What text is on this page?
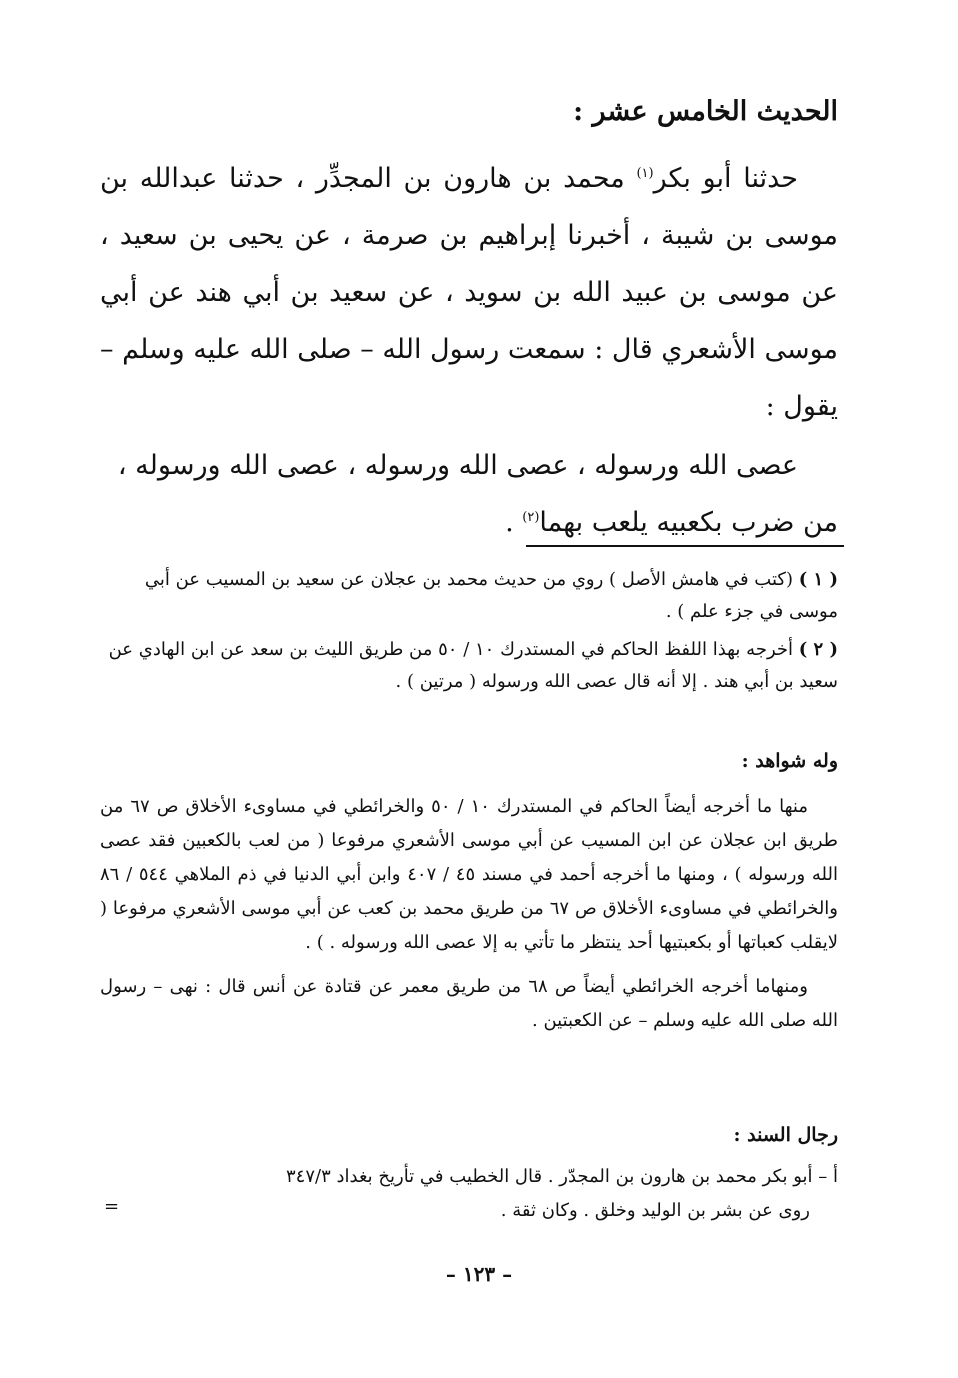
الحديث الخامس عشر :

حدثنا أبو بكر$^{(١)}$ محمد بن هارون بن المجدِّر ، حدثنا عبدالله بن موسى بن شيبة ، أخبرنا إبراهيم بن صرمة ، عن يحيى بن سعيد ، عن موسى بن عبيد الله بن سويد ، عن سعيد بن أبي هند عن أبي موسى الأشعري قال : سمعت رسول الله – صلى الله عليه وسلم – يقول :

عصى الله ورسوله ، عصى الله ورسوله ، عصى الله ورسوله ، من ضرب بكعبيه يلعب بهما$^{(٢)}$ .

( ١ ) (كتب في هامش الأصل ) روي من حديث محمد بن عجلان عن سعيد بن المسيب عن أبي موسى في جزء علم ) .

( ٢ ) أخرجه بهذا اللفظ الحاكم في المستدرك ١٠ / ٥٠ من طريق الليث بن سعد عن ابن الهادي عن سعيد بن أبي هند . إلا أنه قال عصى الله ورسوله ( مرتين ) .

وله شواهد :

منها ما أخرجه أيضاً الحاكم في المستدرك ١٠ / ٥٠ والخرائطي في مساوىء الأخلاق ص ٦٧ من طريق ابن عجلان عن ابن المسيب عن أبي موسى الأشعري مرفوعا ( من لعب بالكعبين فقد عصى الله ورسوله ) ، ومنها ما أخرجه أحمد في مسند ٤٥ / ٤٠٧ وابن أبي الدنيا في ذم الملاهي ٥٤٤ / ٨٦ والخرائطي في مساوىء الأخلاق ص ٦٧ من طريق محمد بن كعب عن أبي موسى الأشعري مرفوعا ( لايقلب كعباتها أو بكعبتيها أحد ينتظر ما تأتي به إلا عصى الله ورسوله . ) .

ومنهاما أخرجه الخرائطي أيضاً ص ٦٨ من طريق معمر عن قتادة عن أنس قال : نهى – رسول الله صلى الله عليه وسلم – عن الكعبتين .

رجال السند :

أ – أبو بكر محمد بن هارون بن المجدّر . قال الخطيب في تأريخ بغداد ٣٤٧/٣

روى عن بشر بن الوليد وخلق . وكان ثقة .

=
– ١٢٣ –
